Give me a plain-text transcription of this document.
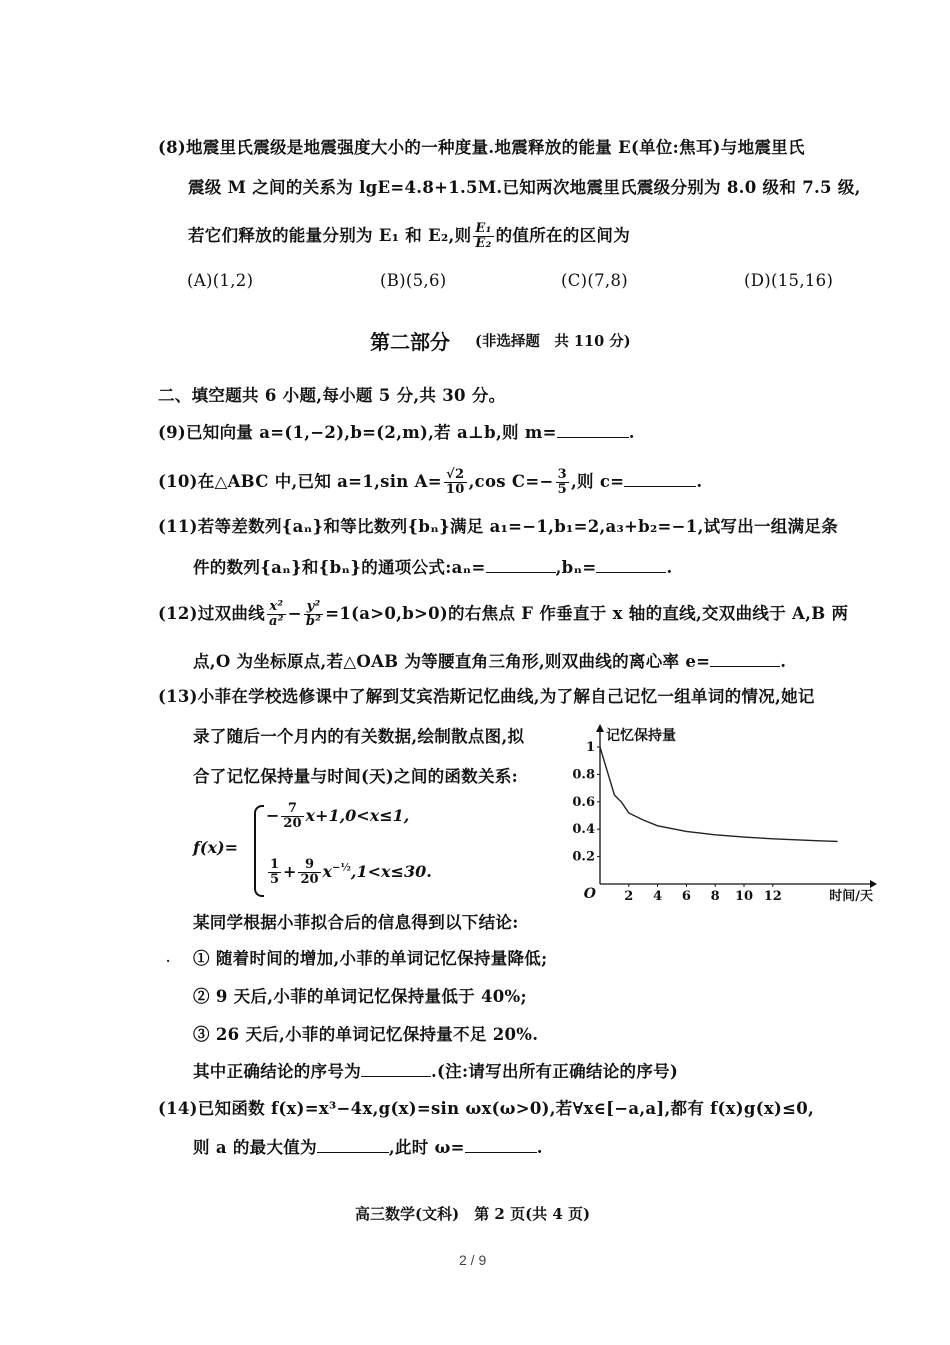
(8)地震里氏震级是地震强度大小的一种度量.地震释放的能量 E(单位:焦耳)与地震里氏
震级 M 之间的关系为 lgE=4.8+1.5M.已知两次地震里氏震级分别为 8.0 级和 7.5 级,
若它们释放的能量分别为 E₁ 和 E₂,则 $\frac{\text{E₁}}{\text{E₂}}$ 的值所在的区间为
(A)(1,2)	(B)(5,6)	(C)(7,8)	(D)(15,16)
第二部分 (非选择题　共 110 分)
二、填空题共 6 小题,每小题 5 分,共 30 分。
(9)已知向量 a=(1,−2),b=(2,m),若 a⊥b,则 m=	.
(10)在△ABC 中,已知 a=1,sin $A= \frac{√2}{10} ,\cos$ $C=- \frac{3}{5}$ ,则 c=	.
(11)若等差数列{aₙ}和等比数列{bₙ}满足 a₁=−1,b₁=2,a₃+b₂=−1,试写出一组满足条
件的数列{aₙ}和{bₙ}的通项公式:aₙ=	,bₙ=	.
(12)过双曲线 $\frac{\text{x²}}{\text{a²}} - \frac{\text{y²}}{\text{b²}} =1(a>0,b>0)$的右焦点 F 作垂直于 x 轴的直线,交双曲线于 A,B 两
点,O 为坐标原点,若△OAB 为等腰直角三角形,则双曲线的离心率 e=	.
(13)小菲在学校选修课中了解到艾宾浩斯记忆曲线,为了解自己记忆一组单词的情况,她记
录了随后一个月内的有关数据,绘制散点图,拟
合了记忆保持量与时间(天)之间的函数关系:
f(x)=
− $\frac{7}{20} x+1,0<x\le 1$,
$\frac{1}{5} + \frac{9}{20} x^{-\frac{1}{2}},1<x\le 30$.
0.2
0.4
0.6
0.8
1
2 4 6 8 10 12
O
记忆保持量
时间/天
某同学根据小菲拟合后的信息得到以下结论:
· ① 随着时间的增加,小菲的单词记忆保持量降低;
② 9 天后,小菲的单词记忆保持量低于 40%;
③ 26 天后,小菲的单词记忆保持量不足 20%.
其中正确结论的序号为	.(注:请写出所有正确结论的序号)
(14)已知函数 f(x)=x³−4x,g(x)=sin ωx(ω>0),若∀x∈[−a,a],都有 f(x)g(x)≤0,
则 a 的最大值为	,此时 ω=	.
高三数学(文科)　第 2 页(共 4 页)
2 / 9
